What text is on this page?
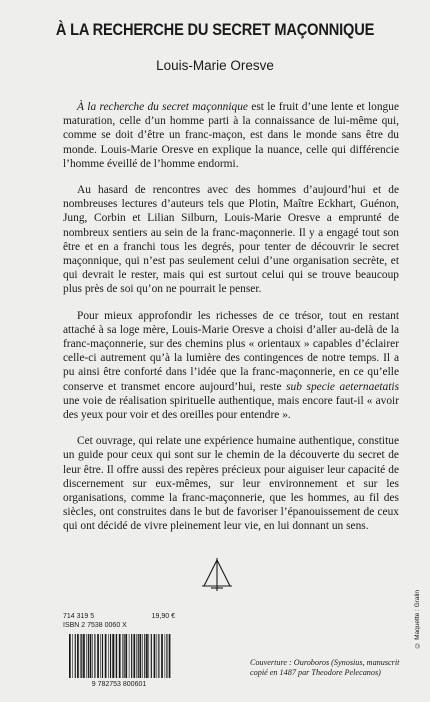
À LA RECHERCHE DU SECRET MAÇONNIQUE
Louis-Marie Oresve

À la recherche du secret maçonnique est le fruit d’une lente et longue maturation, celle d’un homme parti à la connaissance de lui-même qui, comme se doit d’être un franc-maçon, est dans le monde sans être du monde. Louis-Marie Oresve en explique la nuance, celle qui différencie l’homme éveillé de l’homme endormi.

Au hasard de rencontres avec des hommes d’aujourd’hui et de nombreuses lectures d’auteurs tels que Plotin, Maître Eckhart, Guénon, Jung, Corbin et Lilian Silburn, Louis-Marie Oresve a emprunté de nombreux sentiers au sein de la franc-maçonnerie. Il y a engagé tout son être et en a franchi tous les degrés, pour tenter de découvrir le secret maçonnique, qui n’est pas seulement celui d’une organisation secrète, et qui devrait le rester, mais qui est surtout celui qui se trouve beaucoup plus près de soi qu’on ne pourrait le penser.

Pour mieux approfondir les richesses de ce trésor, tout en restant attaché à sa loge mère, Louis-Marie Oresve a choisi d’aller au-delà de la franc-maçonnerie, sur des chemins plus « orientaux » capables d’éclairer celle-ci autrement qu’à la lumière des contingences de notre temps. Il a pu ainsi être conforté dans l’idée que la franc-maçonnerie, en ce qu’elle conserve et transmet encore aujourd’hui, reste sub specie aeternaetatis une voie de réalisation spirituelle authentique, mais encore faut-il « avoir des yeux pour voir et des oreilles pour entendre ».

Cet ouvrage, qui relate une expérience humaine authentique, constitue un guide pour ceux qui sont sur le chemin de la découverte du secret de leur être. Il offre aussi des repères précieux pour aiguiser leur capacité de discernement sur eux-mêmes, sur leur environnement et sur les organisations, comme la franc-maçonnerie, que les hommes, au fil des siècles, ont construites dans le but de favoriser l’épanouissement de ceux qui ont décidé de vivre pleinement leur vie, en lui donnant un sens.

714 319 5	19,90 €
ISBN 2 7538 0060 X
9 782753 800601
Couverture : Ouroboros (Synosius, manuscrit copié en 1487 par Theodore Pelecanos)
© Maquette : Gralin
